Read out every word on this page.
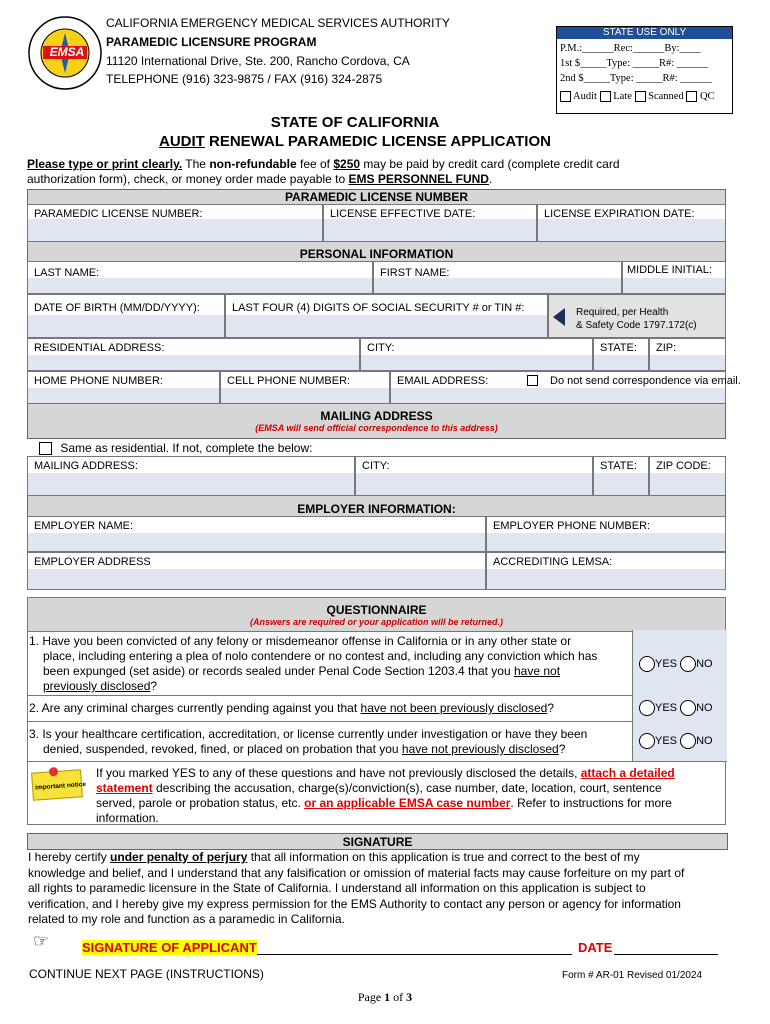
EMSA
CALIFORNIA EMERGENCY MEDICAL SERVICES AUTHORITY
PARAMEDIC LICENSURE PROGRAM
11120 International Drive, Ste. 200, Rancho Cordova, CA
TELEPHONE (916) 323-9875 / FAX (916) 324-2875
STATE USE ONLY
P.M.:______Rec:______By:____
1st $_____Type: _____R#: ______
2nd $_____Type: _____R#: ______
Audit Late Scanned QC
STATE OF CALIFORNIA
AUDIT RENEWAL PARAMEDIC LICENSE APPLICATION
Please type or print clearly. The non-refundable fee of $250 may be paid by credit card (complete credit card
authorization form), check, or money order made payable to EMS PERSONNEL FUND.
PARAMEDIC LICENSE NUMBER
PARAMEDIC LICENSE NUMBER:	LICENSE EFFECTIVE DATE:	LICENSE EXPIRATION DATE:
PERSONAL INFORMATION
LAST NAME:	FIRST NAME:	MIDDLE INITIAL:
DATE OF BIRTH (MM/DD/YYYY):	LAST FOUR (4) DIGITS OF SOCIAL SECURITY # or TIN #:	Required, per Health
& Safety Code 1797.172(c)
RESIDENTIAL ADDRESS:	CITY:	STATE: ZIP:
HOME PHONE NUMBER:	CELL PHONE NUMBER:	EMAIL ADDRESS:	Do not send correspondence via email.
MAILING ADDRESS
(EMSA will send official correspondence to this address)
Same as residential. If not, complete the below:
MAILING ADDRESS:	CITY:	STATE: ZIP CODE:
EMPLOYER INFORMATION:
EMPLOYER NAME:	EMPLOYER PHONE NUMBER:
EMPLOYER ADDRESS	ACCREDITING LEMSA:
QUESTIONNAIRE
(Answers are required or your application will be returned.)
1. Have you been convicted of any felony or misdemeanor offense in California or in any other state or
place, including entering a plea of nolo contendere or no contest and, including any conviction which has
been expunged (set aside) or records sealed under Penal Code Section 1203.4 that you have not
previously disclosed?
YES NO
2. Are any criminal charges currently pending against you that have not been previously disclosed?	YES NO
3. Is your healthcare certification, accreditation, or license currently under investigation or have they been
denied, suspended, revoked, fined, or placed on probation that you have not previously disclosed?
YES NO
important notice
If you marked YES to any of these questions and have not previously disclosed the details, attach a detailed
statement describing the accusation, charge(s)/conviction(s), case number, date, location, court, sentence
served, parole or probation status, etc. or an applicable EMSA case number. Refer to instructions for more
information.
SIGNATURE
I hereby certify under penalty of perjury that all information on this application is true and correct to the best of my
knowledge and belief, and I understand that any falsification or omission of material facts may cause forfeiture on my part of
all rights to paramedic licensure in the State of California. I understand all information on this application is subject to
verification, and I hereby give my express permission for the EMS Authority to contact any person or agency for information
related to my role and function as a paramedic in California.
☞	SIGNATURE OF APPLICANT	DATE
CONTINUE NEXT PAGE (INSTRUCTIONS)	Form # AR-01 Revised 01/2024
Page 1 of 3
